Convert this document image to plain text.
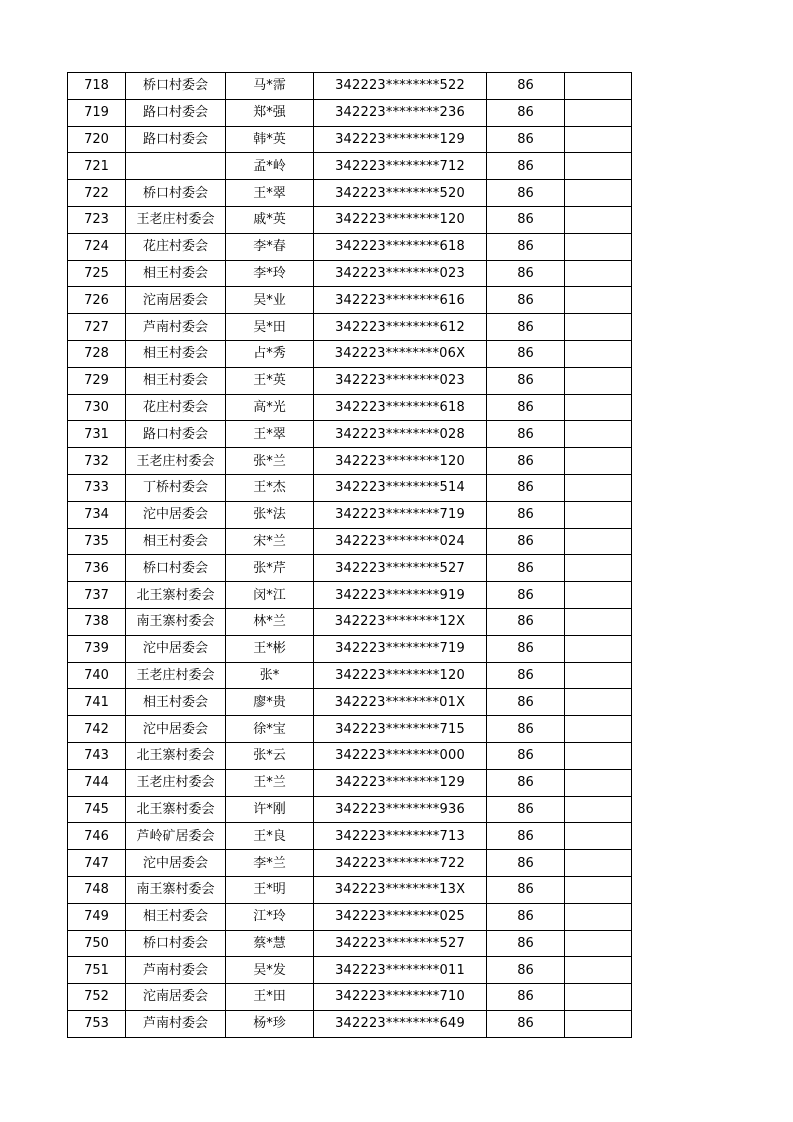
718	桥口村委会	马*霈	342223********522	86	
719	路口村委会	郑*强	342223********236	86	
720	路口村委会	韩*英	342223********129	86	
721		孟*岭	342223********712	86	
722	桥口村委会	王*翠	342223********520	86	
723	王老庄村委会	戚*英	342223********120	86	
724	花庄村委会	李*春	342223********618	86	
725	相王村委会	李*玲	342223********023	86	
726	沱南居委会	吴*业	342223********616	86	
727	芦南村委会	吴*田	342223********612	86	
728	相王村委会	占*秀	342223********06X	86	
729	相王村委会	王*英	342223********023	86	
730	花庄村委会	高*光	342223********618	86	
731	路口村委会	王*翠	342223********028	86	
732	王老庄村委会	张*兰	342223********120	86	
733	丁桥村委会	王*杰	342223********514	86	
734	沱中居委会	张*法	342223********719	86	
735	相王村委会	宋*兰	342223********024	86	
736	桥口村委会	张*芹	342223********527	86	
737	北王寨村委会	闵*江	342223********919	86	
738	南王寨村委会	林*兰	342223********12X	86	
739	沱中居委会	王*彬	342223********719	86	
740	王老庄村委会	张*	342223********120	86	
741	相王村委会	廖*贵	342223********01X	86	
742	沱中居委会	徐*宝	342223********715	86	
743	北王寨村委会	张*云	342223********000	86	
744	王老庄村委会	王*兰	342223********129	86	
745	北王寨村委会	许*刚	342223********936	86	
746	芦岭矿居委会	王*良	342223********713	86	
747	沱中居委会	李*兰	342223********722	86	
748	南王寨村委会	王*明	342223********13X	86	
749	相王村委会	江*玲	342223********025	86	
750	桥口村委会	蔡*慧	342223********527	86	
751	芦南村委会	吴*发	342223********011	86	
752	沱南居委会	王*田	342223********710	86	
753	芦南村委会	杨*珍	342223********649	86	
